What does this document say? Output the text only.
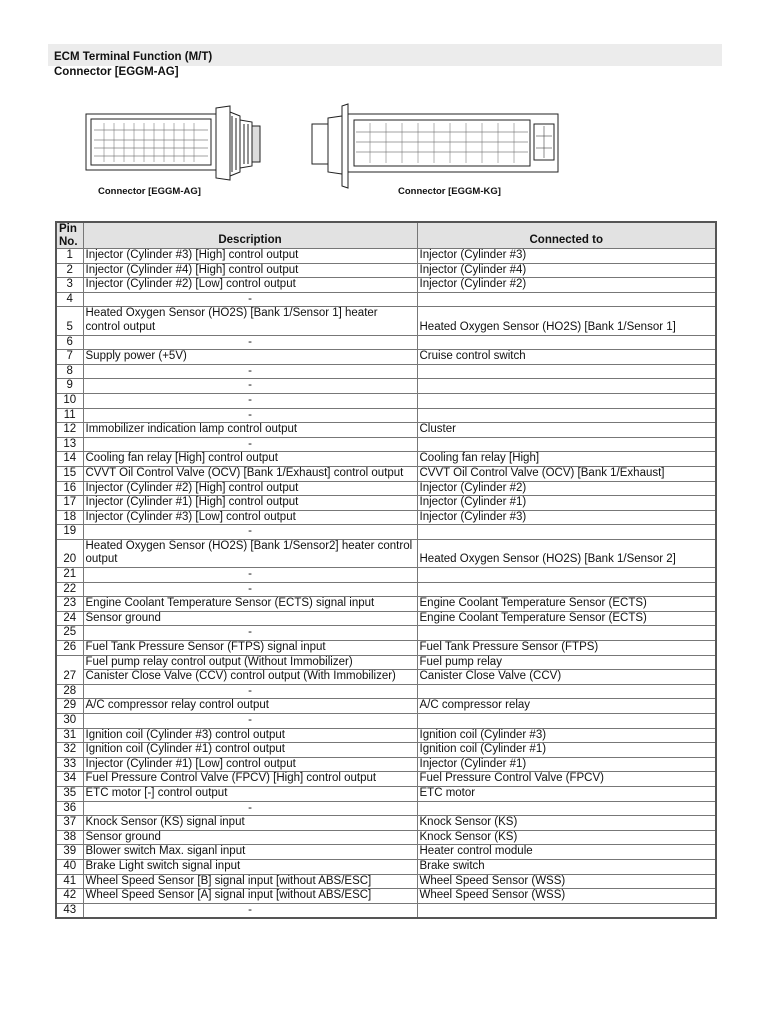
ECM Terminal Function (M/T)
Connector [EGGM-AG]
Connector [EGGM-AG]	Connector [EGGM-KG]
Pin
No.	Description	Connected to
1	Injector (Cylinder #3) [High] control output	Injector (Cylinder #3)
2	Injector (Cylinder #4) [High] control output	Injector (Cylinder #4)
3	Injector (Cylinder #2) [Low] control output	Injector (Cylinder #2)
4	-	
5	Heated Oxygen Sensor (HO2S) [Bank 1/Sensor 1] heater control output	Heated Oxygen Sensor (HO2S) [Bank 1/Sensor 1]
6	-	
7	Supply power (+5V)	Cruise control switch
8	-	
9	-	
10	-	
11	-	
12	Immobilizer indication lamp control output	Cluster
13	-	
14	Cooling fan relay [High] control output	Cooling fan relay [High]
15	CVVT Oil Control Valve (OCV) [Bank 1/Exhaust] control output	CVVT Oil Control Valve (OCV) [Bank 1/Exhaust]
16	Injector (Cylinder #2) [High] control output	Injector (Cylinder #2)
17	Injector (Cylinder #1) [High] control output	Injector (Cylinder #1)
18	Injector (Cylinder #3) [Low] control output	Injector (Cylinder #3)
19	-	
20	Heated Oxygen Sensor (HO2S) [Bank 1/Sensor2] heater control output	Heated Oxygen Sensor (HO2S) [Bank 1/Sensor 2]
21	-	
22	-	
23	Engine Coolant Temperature Sensor (ECTS) signal input	Engine Coolant Temperature Sensor (ECTS)
24	Sensor ground	Engine Coolant Temperature Sensor (ECTS)
25	-	
26	Fuel Tank Pressure Sensor (FTPS) signal input	Fuel Tank Pressure Sensor (FTPS)
27	Fuel pump relay control output (Without Immobilizer)	Fuel pump relay
	Canister Close Valve (CCV) control output (With Immobilizer)	Canister Close Valve (CCV)
28	-	
29	A/C compressor relay control output	A/C compressor relay
30	-	
31	Ignition coil (Cylinder #3) control output	Ignition coil (Cylinder #3)
32	Ignition coil (Cylinder #1) control output	Ignition coil (Cylinder #1)
33	Injector (Cylinder #1) [Low] control output	Injector (Cylinder #1)
34	Fuel Pressure Control Valve (FPCV) [High] control output	Fuel Pressure Control Valve (FPCV)
35	ETC motor [-] control output	ETC motor
36	-	
37	Knock Sensor (KS) signal input	Knock Sensor (KS)
38	Sensor ground	Knock Sensor (KS)
39	Blower switch Max. siganl input	Heater control module
40	Brake Light switch signal input	Brake switch
41	Wheel Speed Sensor [B] signal input [without ABS/ESC]	Wheel Speed Sensor (WSS)
42	Wheel Speed Sensor [A] signal input [without ABS/ESC]	Wheel Speed Sensor (WSS)
43	-	
